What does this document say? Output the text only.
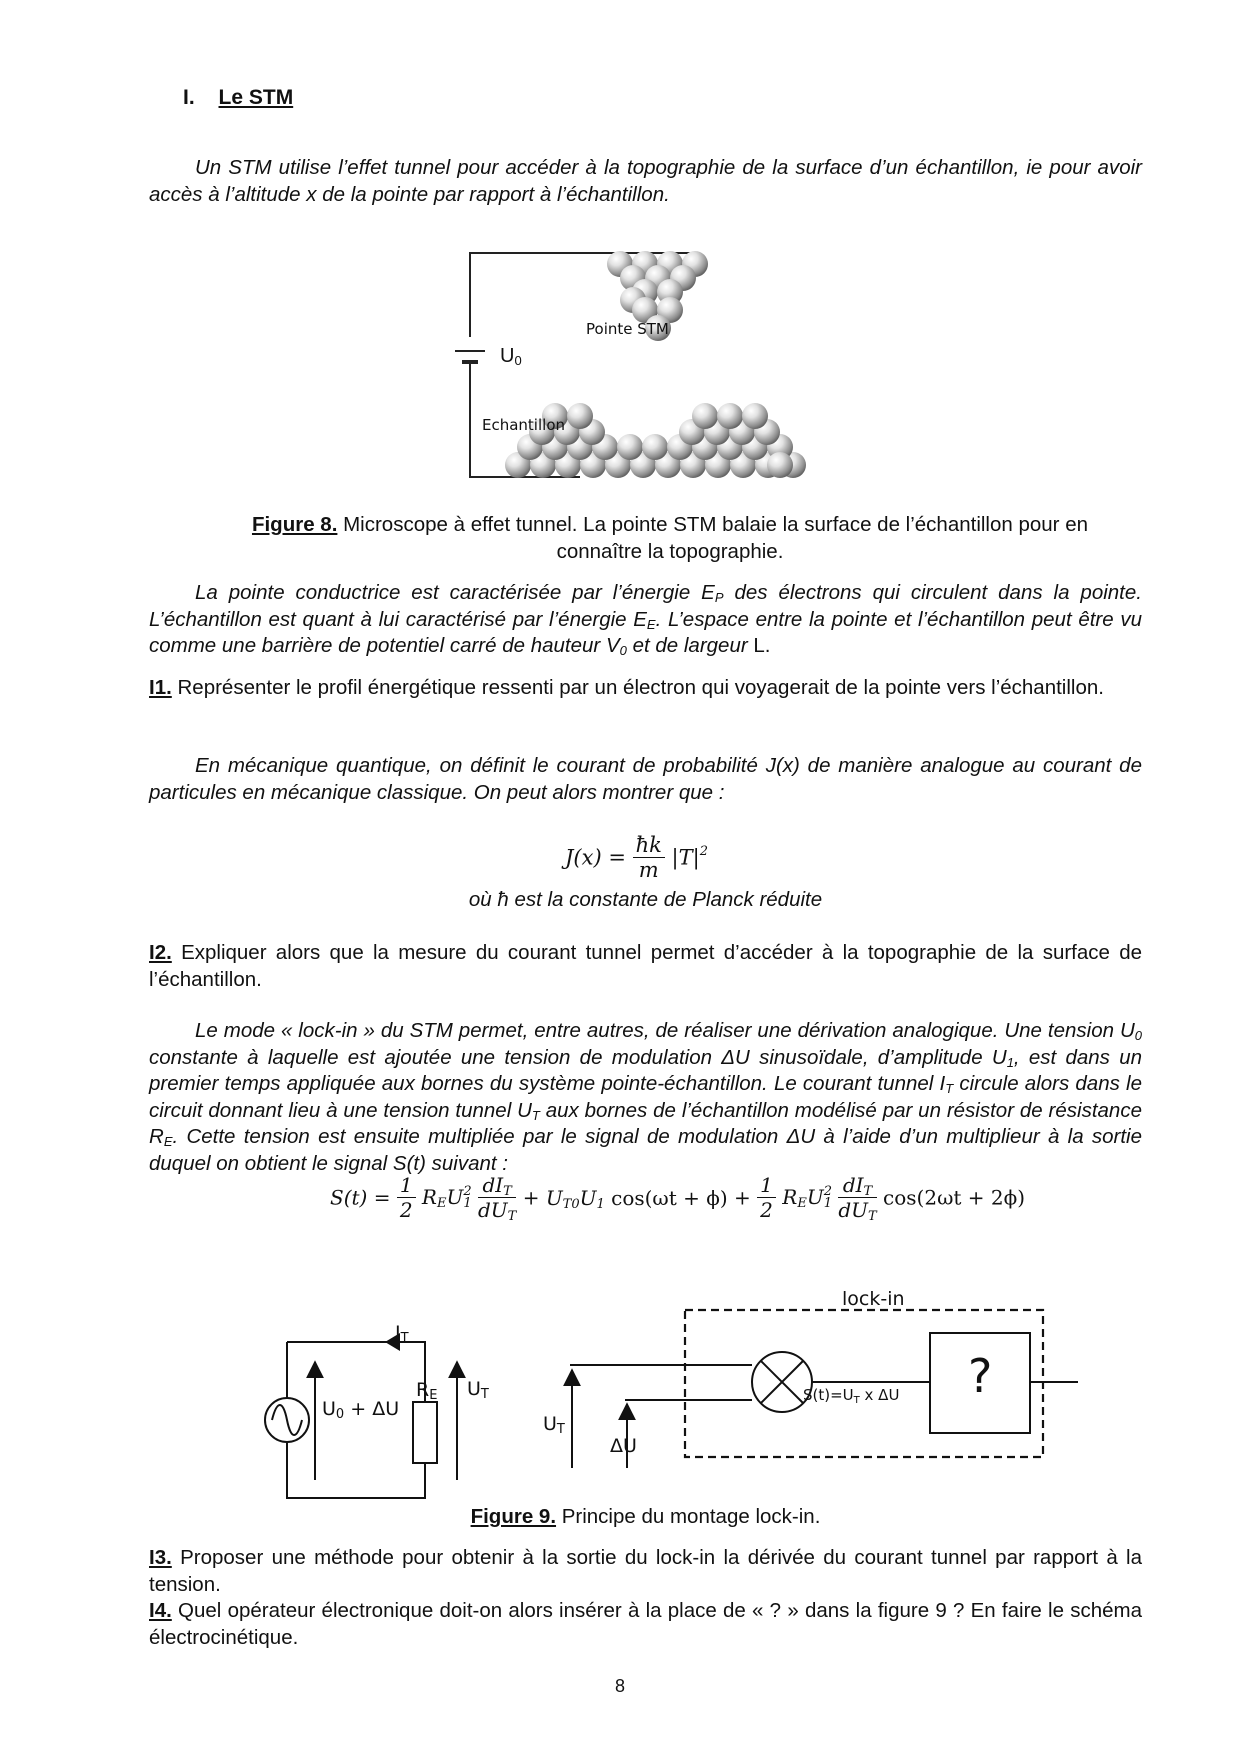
I. Le STM
Un STM utilise l’effet tunnel pour accéder à la topographie de la surface d’un échantillon, ie pour avoir accès à l’altitude x de la pointe par rapport à l’échantillon.
$U_0$
Pointe STM
Echantillon
Figure 8. Microscope à effet tunnel. La pointe STM balaie la surface de l’échantillon pour en connaître la topographie.
La pointe conductrice est caractérisée par l’énergie $E_P$ des électrons qui circulent dans la pointe. L’échantillon est quant à lui caractérisé par l’énergie $E_E$. L’espace entre la pointe et l’échantillon peut être vu comme une barrière de potentiel carré de hauteur $V_0$ et de largeur L.
I1. Représenter le profil énergétique ressenti par un électron qui voyagerait de la pointe vers l’échantillon.
En mécanique quantique, on définit le courant de probabilité J(x) de manière analogue au courant de particules en mécanique classique. On peut alors montrer que :
$J(x) = \frac{ħk}{m} |T|^2$
où ħ est la constante de Planck réduite
I2. Expliquer alors que la mesure du courant tunnel permet d’accéder à la topographie de la surface de l’échantillon.
Le mode « lock-in » du STM permet, entre autres, de réaliser une dérivation analogique. Une tension $U_0$ constante à laquelle est ajoutée une tension de modulation ΔU sinusoïdale, d’amplitude $U_1$, est dans un premier temps appliquée aux bornes du système pointe-échantillon. Le courant tunnel $I_T$ circule alors dans le circuit donnant lieu à une tension tunnel $U_T$ aux bornes de l’échantillon modélisé par un résistor de résistance $R_E$. Cette tension est ensuite multipliée par le signal de modulation ΔU à l’aide d’un multiplieur à la sortie duquel on obtient le signal S(t) suivant :
$S(t) = \frac{1}{2} R_EU$ 2
1
$\frac{dI_T}{dU_T} + U_{T0}U_1$ $\cos(\omega t + \phi) + \frac{1}{2} R_EU$ 2
1
$\frac{dI_T}{dU_T} \cos(2\omega t + 2\phi)$
$U_0 + \Delta U$
$I_T$
$R_E$ $U_T$
$U_T$
ΔU
lock-in
$S(t)=U_T$ x ΔU ?
Figure 9. Principe du montage lock-in.
I3. Proposer une méthode pour obtenir à la sortie du lock-in la dérivée du courant tunnel par rapport à la tension.
I4. Quel opérateur électronique doit-on alors insérer à la place de « ? » dans la figure 9 ? En faire le schéma électrocinétique.
8
